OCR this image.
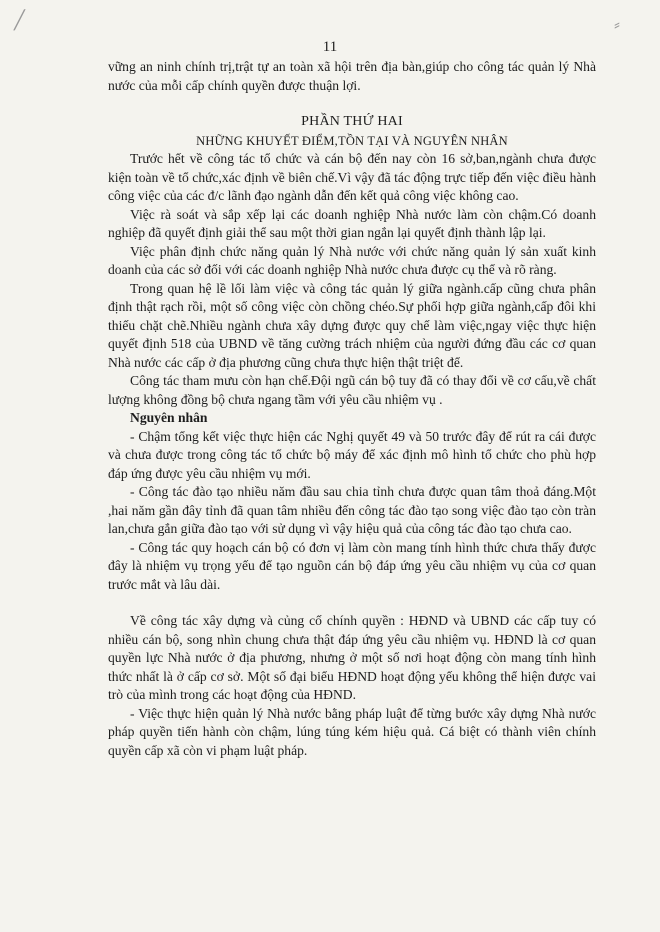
╱	⸗
11

vững an ninh chính trị,trật tự an toàn xã hội trên địa bàn,giúp cho công tác quản lý Nhà nước của mỗi cấp chính quyền được thuận lợi.

PHẦN THỨ HAI

NHỮNG KHUYẾT ĐIỂM,TỒN TẠI VÀ NGUYÊN NHÂN

Trước hết về công tác tổ chức và cán bộ đến nay còn 16 sở,ban,ngành chưa được kiện toàn về tổ chức,xác định về biên chế.Vì vậy đã tác động trực tiếp đến việc điều hành công việc của các đ/c lãnh đạo ngành dẫn đến kết quả công việc không cao.

Việc rà soát và sắp xếp lại các doanh nghiệp Nhà nước làm còn chậm.Có doanh nghiệp đã quyết định giải thể sau một thời gian ngắn lại quyết định thành lập lại.

Việc phân định chức năng quản lý Nhà nước với chức năng quản lý sản xuất kinh doanh của các sở đối với các doanh nghiệp Nhà nước chưa được cụ thể và rõ ràng.

Trong quan hệ lề lối làm việc và công tác quản lý giữa ngành.cấp cũng chưa phân định thật rạch rồi, một số công việc còn chồng chéo.Sự phối hợp giữa ngành,cấp đôi khi thiếu chặt chẽ.Nhiều ngành chưa xây dựng được quy chế làm việc,ngay việc thực hiện quyết định 518 của UBND về tăng cường trách nhiệm của người đứng đầu các cơ quan Nhà nước các cấp ở địa phương cũng chưa thực hiện thật triệt để.

Công tác tham mưu còn hạn chế.Đội ngũ cán bộ tuy đã có thay đổi về cơ cấu,về chất lượng không đồng bộ chưa ngang tầm với yêu cầu nhiệm vụ .

Nguyên nhân

- Chậm tổng kết việc thực hiện các Nghị quyết 49 và 50 trước đây để rút ra cái được và chưa được trong công tác tổ chức bộ máy để xác định mô hình tổ chức cho phù hợp đáp ứng được yêu cầu nhiệm vụ mới.

- Công tác đào tạo nhiều năm đầu sau chia tỉnh chưa được quan tâm thoả đáng.Một ,hai năm gần đây tỉnh đã quan tâm nhiều đến công tác đào tạo song việc đào tạo còn tràn lan,chưa gắn giữa đào tạo với sử dụng vì vậy hiệu quả của công tác đào tạo chưa cao.

- Công tác quy hoạch cán bộ có đơn vị làm còn mang tính hình thức chưa thấy được đây là nhiệm vụ trọng yếu để tạo nguồn cán bộ đáp ứng yêu cầu nhiệm vụ của cơ quan trước mắt và lâu dài.

Về công tác xây dựng và củng cố chính quyền : HĐND và UBND các cấp tuy có nhiều cán bộ, song nhìn chung chưa thật đáp ứng yêu cầu nhiệm vụ. HĐND là cơ quan quyền lực Nhà nước ở địa phương, nhưng ở một số nơi hoạt động còn mang tính hình thức nhất là ở cấp cơ sở. Một số đại biểu HĐND hoạt động yếu không thể hiện được vai trò của mình trong các hoạt động của HĐND.

- Việc thực hiện quản lý Nhà nước bằng pháp luật để từng bước xây dựng Nhà nước pháp quyền tiến hành còn chậm, lúng túng kém hiệu quả. Cá biệt có thành viên chính quyền cấp xã còn vi phạm luật pháp.
